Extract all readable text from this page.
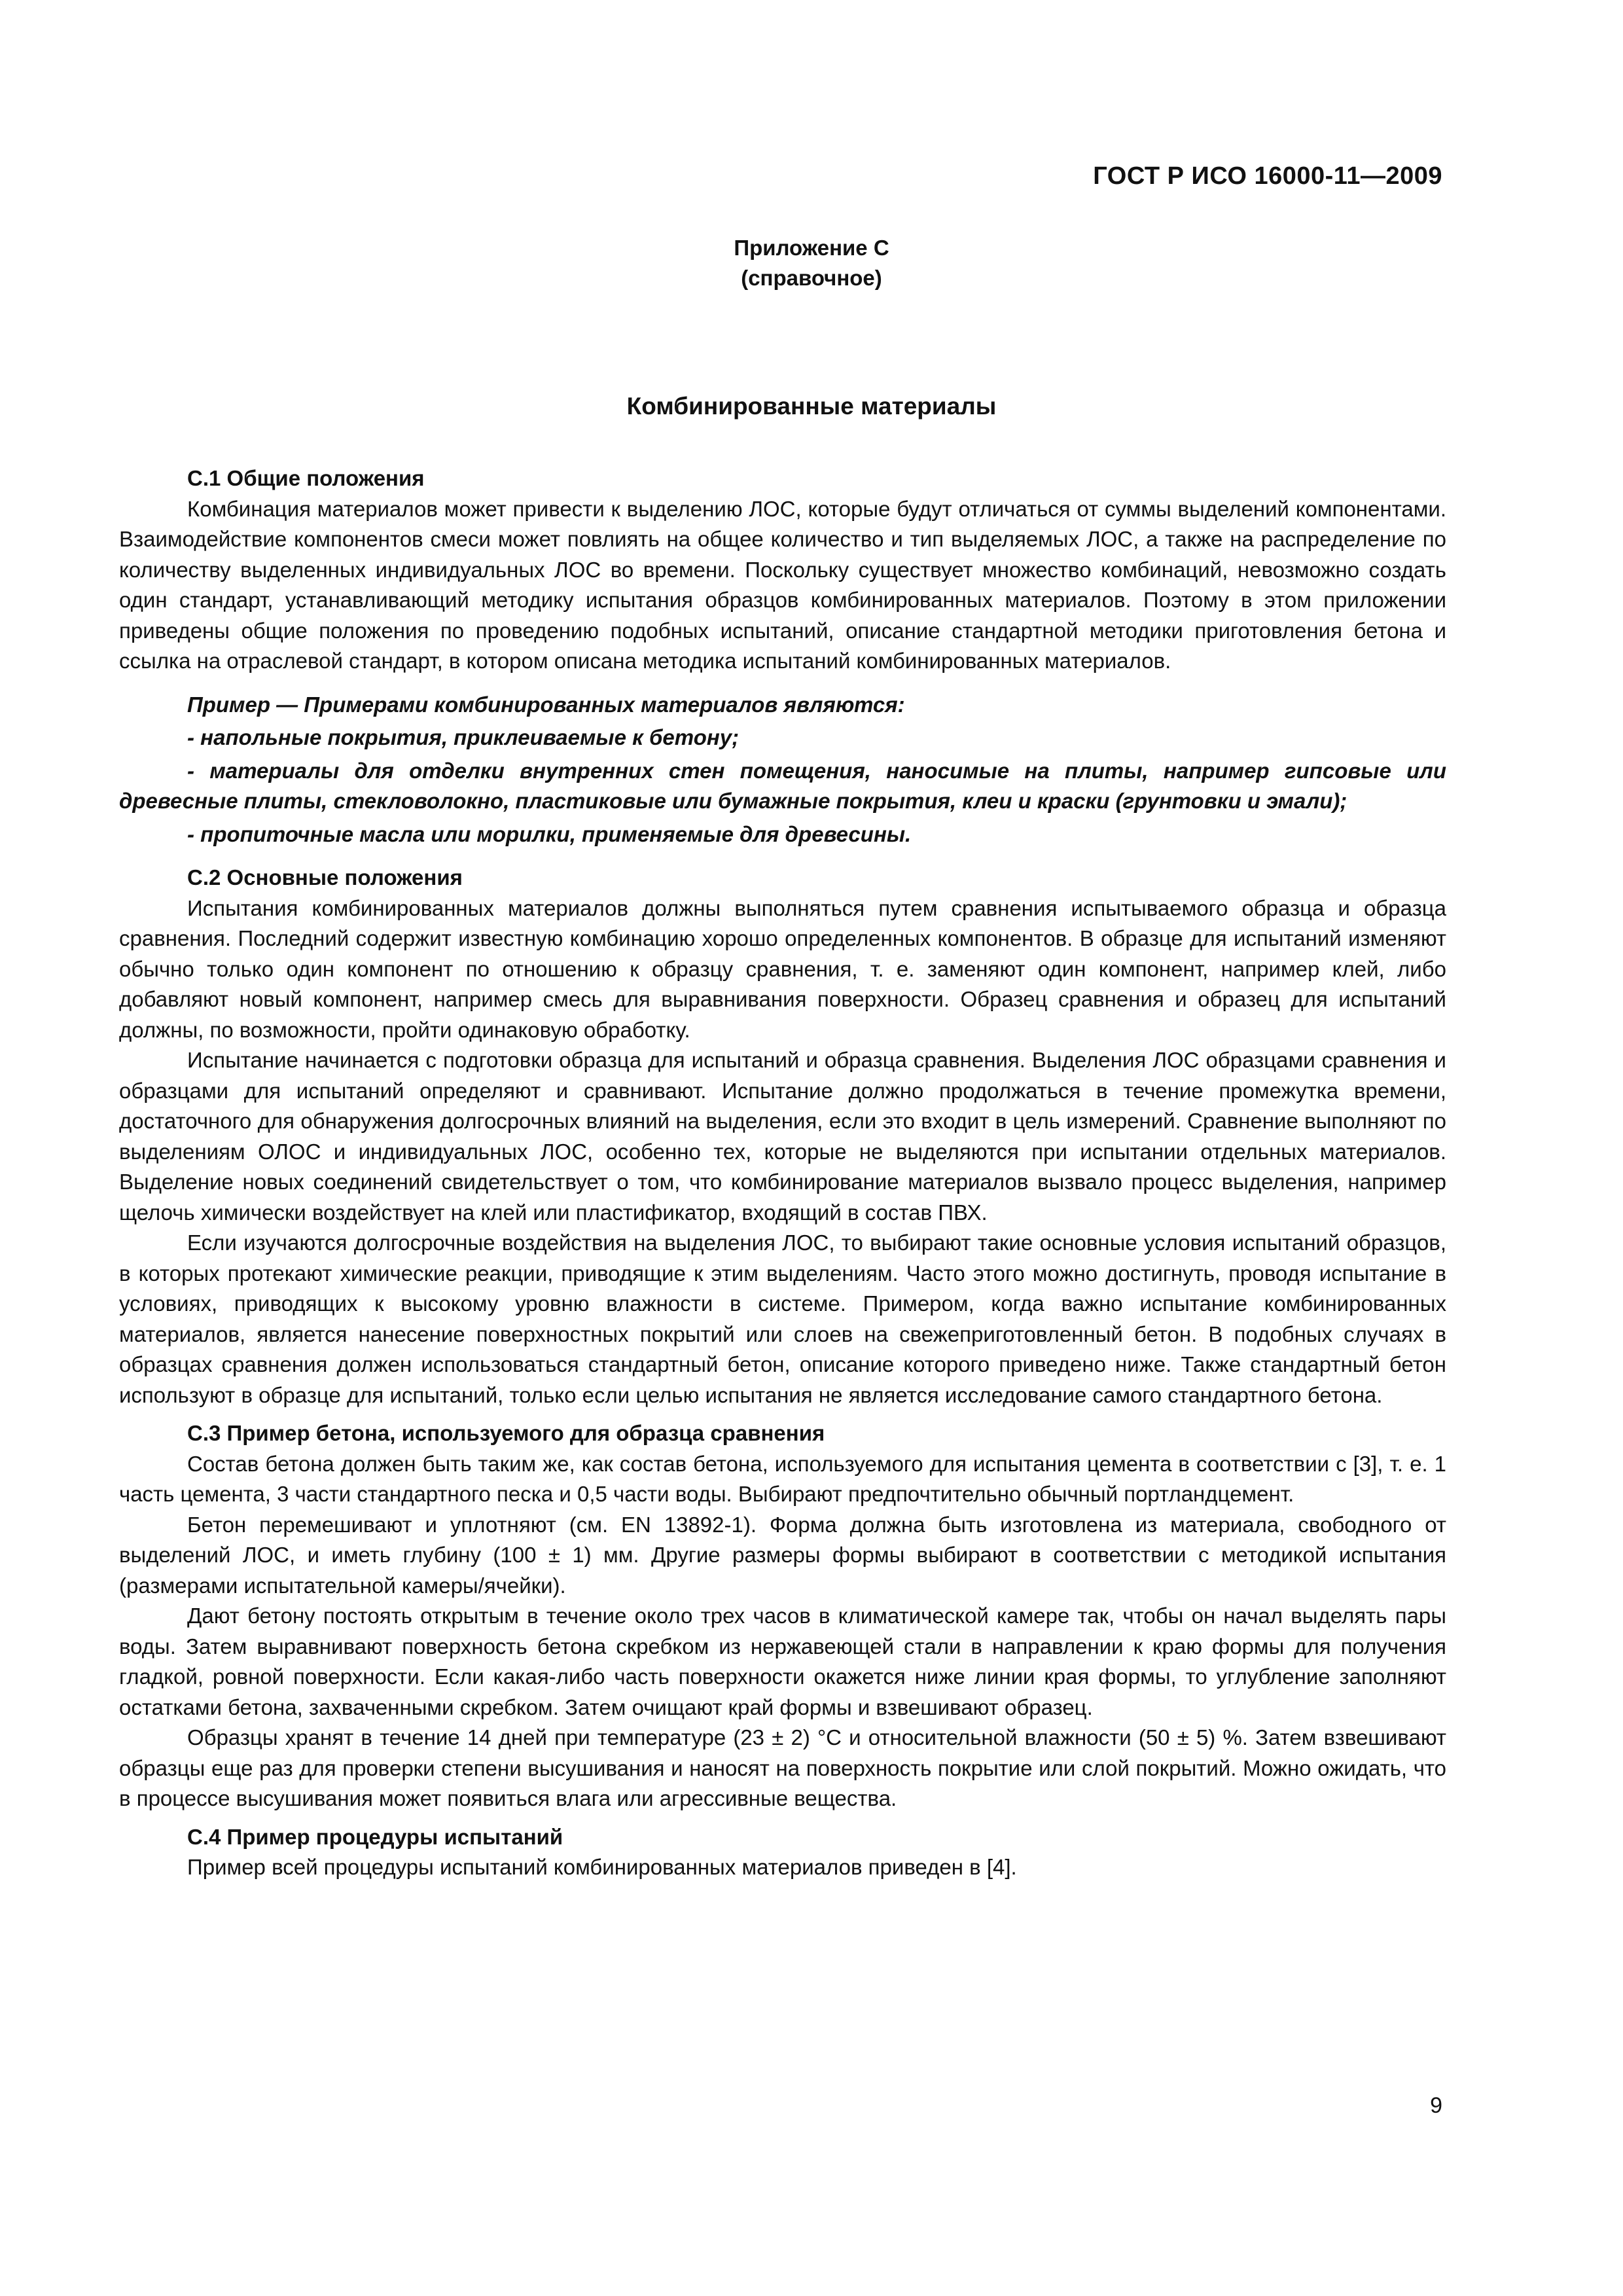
ГОСТ Р ИСО 16000-11—2009
Приложение С
(справочное)
Комбинированные материалы
С.1 Общие положения

Комбинация материалов может привести к выделению ЛОС, которые будут отличаться от суммы выделений компонентами. Взаимодействие компонентов смеси может повлиять на общее количество и тип выделяемых ЛОС, а также на распределение по количеству выделенных индивидуальных ЛОС во времени. Поскольку существует множество комбинаций, невозможно создать один стандарт, устанавливающий методику испытания образцов комбинированных материалов. Поэтому в этом приложении приведены общие положения по проведению подобных испытаний, описание стандартной методики приготовления бетона и ссылка на отраслевой стандарт, в котором описана методика испытаний комбинированных материалов.

Пример — Примерами комбинированных материалов являются:

- напольные покрытия, приклеиваемые к бетону;

- материалы для отделки внутренних стен помещения, наносимые на плиты, например гипсовые или древесные плиты, стекловолокно, пластиковые или бумажные покрытия, клеи и краски (грунтовки и эмали);

- пропиточные масла или морилки, применяемые для древесины.

С.2 Основные положения

Испытания комбинированных материалов должны выполняться путем сравнения испытываемого образца и образца сравнения. Последний содержит известную комбинацию хорошо определенных компонентов. В образце для испытаний изменяют обычно только один компонент по отношению к образцу сравнения, т. е. заменяют один компонент, например клей, либо добавляют новый компонент, например смесь для выравнивания поверхности. Образец сравнения и образец для испытаний должны, по возможности, пройти одинаковую обработку.

Испытание начинается с подготовки образца для испытаний и образца сравнения. Выделения ЛОС образцами сравнения и образцами для испытаний определяют и сравнивают. Испытание должно продолжаться в течение промежутка времени, достаточного для обнаружения долгосрочных влияний на выделения, если это входит в цель измерений. Сравнение выполняют по выделениям ОЛОС и индивидуальных ЛОС, особенно тех, которые не выделяются при испытании отдельных материалов. Выделение новых соединений свидетельствует о том, что комбинирование материалов вызвало процесс выделения, например щелочь химически воздействует на клей или пластификатор, входящий в состав ПВХ.

Если изучаются долгосрочные воздействия на выделения ЛОС, то выбирают такие основные условия испытаний образцов, в которых протекают химические реакции, приводящие к этим выделениям. Часто этого можно достигнуть, проводя испытание в условиях, приводящих к высокому уровню влажности в системе. Примером, когда важно испытание комбинированных материалов, является нанесение поверхностных покрытий или слоев на свежеприготовленный бетон. В подобных случаях в образцах сравнения должен использоваться стандартный бетон, описание которого приведено ниже. Также стандартный бетон используют в образце для испытаний, только если целью испытания не является исследование самого стандартного бетона.

С.3 Пример бетона, используемого для образца сравнения

Состав бетона должен быть таким же, как состав бетона, используемого для испытания цемента в соответствии с [3], т. е. 1 часть цемента, 3 части стандартного песка и 0,5 части воды. Выбирают предпочтительно обычный портландцемент.

Бетон перемешивают и уплотняют (см. EN 13892-1). Форма должна быть изготовлена из материала, свободного от выделений ЛОС, и иметь глубину (100 ± 1) мм. Другие размеры формы выбирают в соответствии с методикой испытания (размерами испытательной камеры/ячейки).

Дают бетону постоять открытым в течение около трех часов в климатической камере так, чтобы он начал выделять пары воды. Затем выравнивают поверхность бетона скребком из нержавеющей стали в направлении к краю формы для получения гладкой, ровной поверхности. Если какая-либо часть поверхности окажется ниже линии края формы, то углубление заполняют остатками бетона, захваченными скребком. Затем очищают край формы и взвешивают образец.

Образцы хранят в течение 14 дней при температуре (23 ± 2) °С и относительной влажности (50 ± 5) %. Затем взвешивают образцы еще раз для проверки степени высушивания и наносят на поверхность покрытие или слой покрытий. Можно ожидать, что в процессе высушивания может появиться влага или агрессивные вещества.

С.4 Пример процедуры испытаний

Пример всей процедуры испытаний комбинированных материалов приведен в [4].

9
